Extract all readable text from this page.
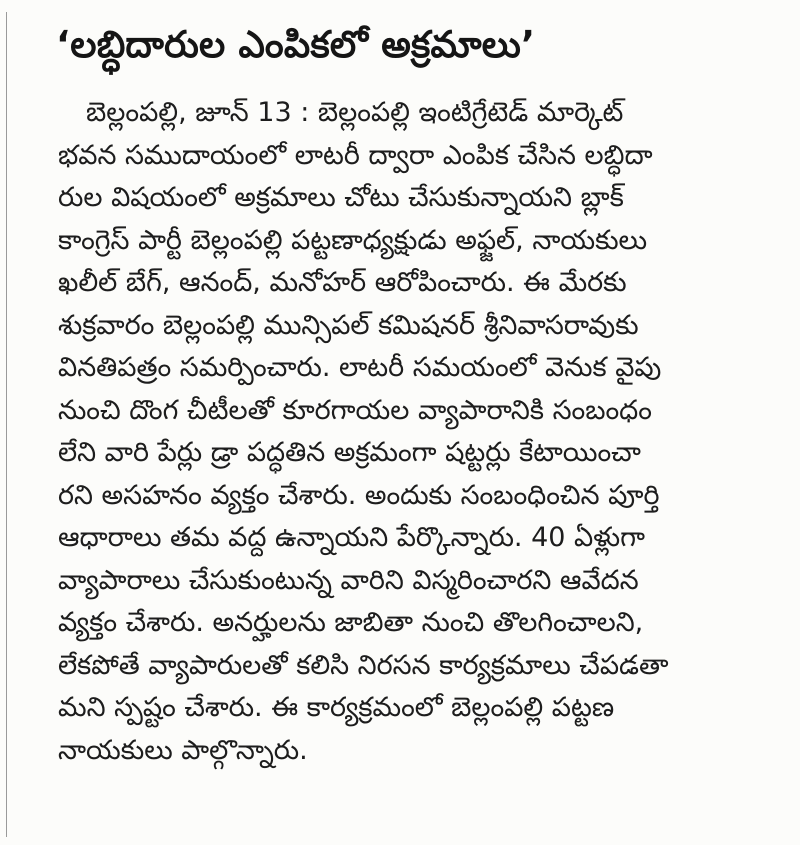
‘లబ్ధిదారుల ఎంపికలో అక్రమాలు’
బెల్లంపల్లి, జూన్ 13 : బెల్లంపల్లి ఇంటిగ్రేటెడ్ మార్కెట్
భవన సముదాయంలో లాటరీ ద్వారా ఎంపిక చేసిన లబ్ధిదా
రుల విషయంలో అక్రమాలు చోటు చేసుకున్నాయని బ్లాక్
కాంగ్రెస్ పార్టీ బెల్లంపల్లి పట్టణాధ్యక్షుడు అఫ్జల్, నాయకులు
ఖలీల్ బేగ్, ఆనంద్, మనోహర్ ఆరోపించారు. ఈ మేరకు
శుక్రవారం బెల్లంపల్లి మున్సిపల్ కమిషనర్ శ్రీనివాసరావుకు
వినతిపత్రం సమర్పించారు. లాటరీ సమయంలో వెనుక వైపు
నుంచి దొంగ చీటీలతో కూరగాయల వ్యాపారానికి సంబంధం
లేని వారి పేర్లు డ్రా పద్ధతిన అక్రమంగా షట్టర్లు కేటాయించా
రని అసహనం వ్యక్తం చేశారు. అందుకు సంబంధించిన పూర్తి
ఆధారాలు తమ వద్ద ఉన్నాయని పేర్కొన్నారు. 40 ఏళ్లుగా
వ్యాపారాలు చేసుకుంటున్న వారిని విస్మరించారని ఆవేదన
వ్యక్తం చేశారు. అనర్హులను జాబితా నుంచి తొలగించాలని,
లేకపోతే వ్యాపారులతో కలిసి నిరసన కార్యక్రమాలు చేపడతా
మని స్పష్టం చేశారు. ఈ కార్యక్రమంలో బెల్లంపల్లి పట్టణ
నాయకులు పాల్గొన్నారు.
